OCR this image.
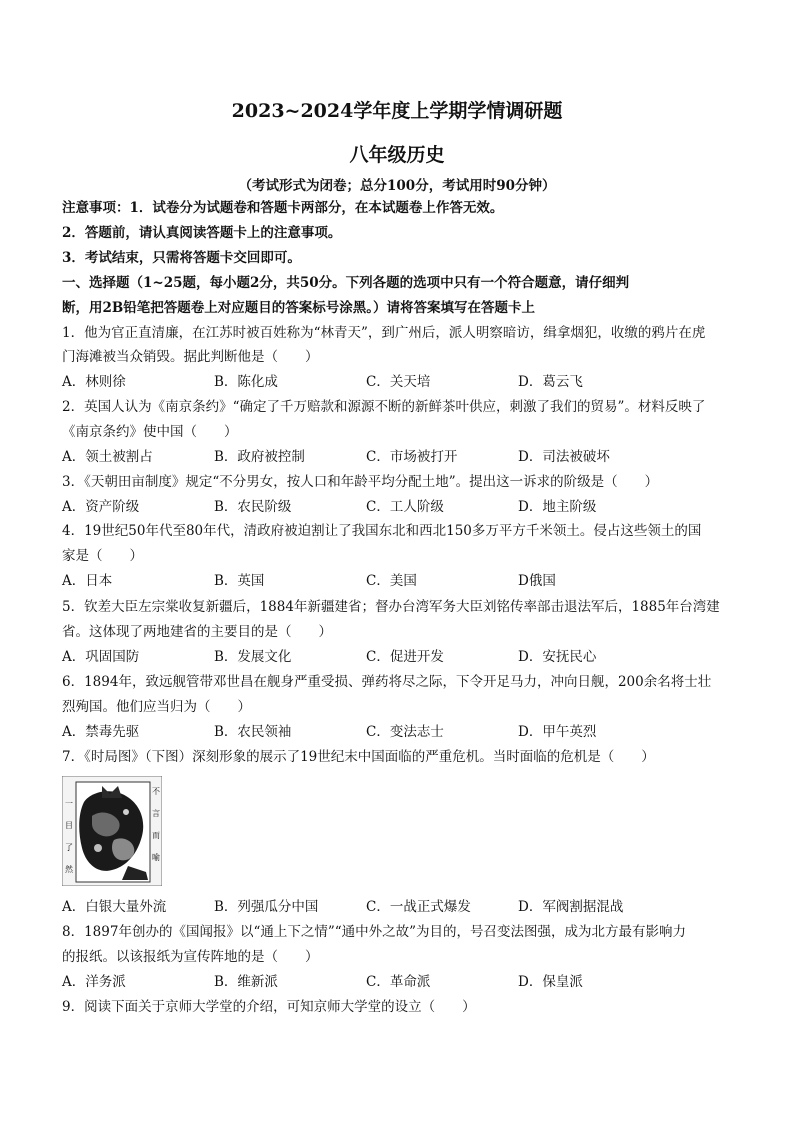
2023~2024学年度上学期学情调研题
八年级历史
（考试形式为闭卷；总分100分，考试用时90分钟）
注意事项：1．试卷分为试题卷和答题卡两部分，在本试题卷上作答无效。
2．答题前，请认真阅读答题卡上的注意事项。
3．考试结束，只需将答题卡交回即可。
一、选择题（1~25题，每小题2分，共50分。下列各题的选项中只有一个符合题意，请仔细判
断，用2B铅笔把答题卷上对应题目的答案标号涂黑。）请将答案填写在答题卡上
1．他为官正直清廉，在江苏时被百姓称为“林青天”，到广州后，派人明察暗访，缉拿烟犯，收缴的鸦片在虎
门海滩被当众销毁。据此判断他是（　　）
A．林则徐	B．陈化成	C．关天培	D．葛云飞
2．英国人认为《南京条约》“确定了千万赔款和源源不断的新鲜茶叶供应，刺激了我们的贸易”。材料反映了
《南京条约》使中国（　　）
A．领土被割占	B．政府被控制	C．市场被打开	D．司法被破坏
3．《天朝田亩制度》规定“不分男女，按人口和年龄平均分配土地”。提出这一诉求的阶级是（　　）
A．资产阶级	B．农民阶级	C．工人阶级	D．地主阶级
4．19世纪50年代至80年代，清政府被迫割让了我国东北和西北150多万平方千米领土。侵占这些领土的国
家是（　　）
A．日本	B．英国	C．美国	D俄国
5．钦差大臣左宗棠收复新疆后，1884年新疆建省；督办台湾军务大臣刘铭传率部击退法军后，1885年台湾建
省。这体现了两地建省的主要目的是（　　）
A．巩固国防	B．发展文化	C．促进开发	D．安抚民心
6．1894年，致远舰管带邓世昌在舰身严重受损、弹药将尽之际，下令开足马力，冲向日舰，200余名将士壮
烈殉国。他们应当归为（　　）
A．禁毒先驱	B．农民领袖	C．变法志士	D．甲午英烈
7．《时局图》（下图）深刻形象的展示了19世纪末中国面临的严重危机。当时面临的危机是（　　）
一
目
了
然
不
言
而
喻
A．白银大量外流	B．列强瓜分中国	C．一战正式爆发	D．军阀割据混战
8．1897年创办的《国闻报》以“通上下之情”“通中外之故”为目的，号召变法图强，成为北方最有影响力
的报纸。以该报纸为宣传阵地的是（　　）
A．洋务派	B．维新派	C．革命派	D．保皇派
9．阅读下面关于京师大学堂的介绍，可知京师大学堂的设立（　　）
